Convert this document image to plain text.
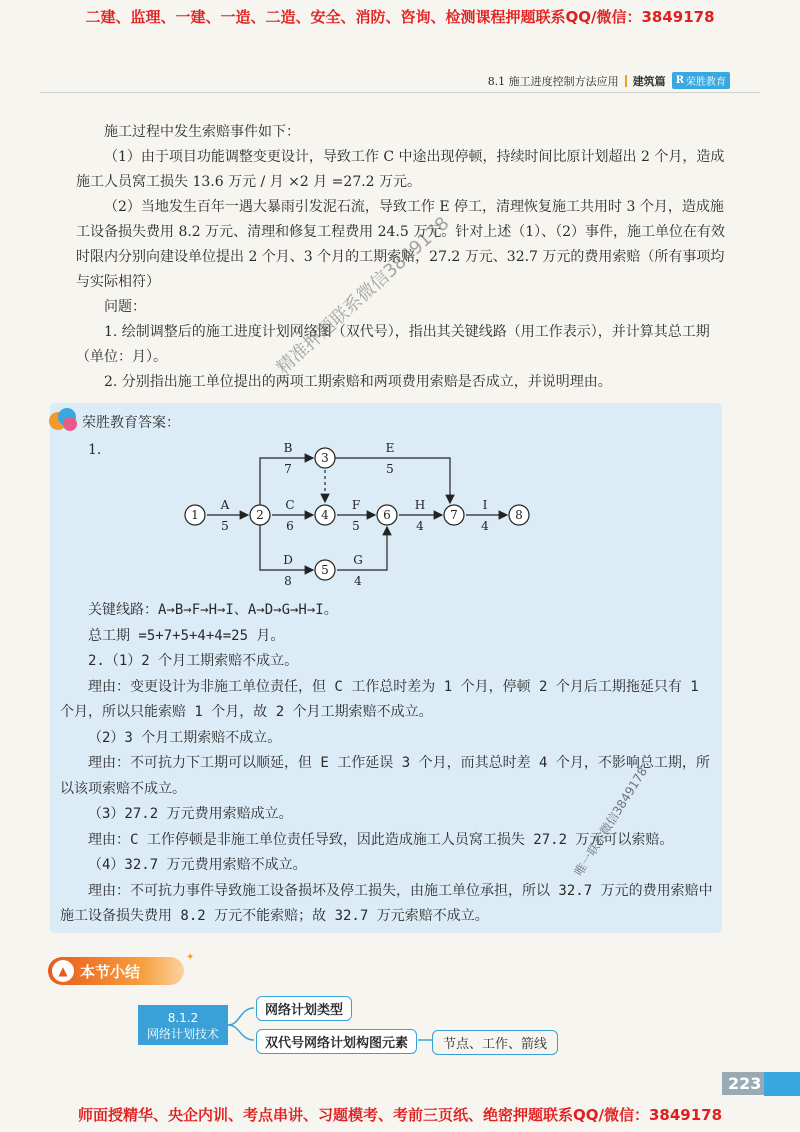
二建、监理、一建、一造、二造、安全、消防、咨询、检测课程押题联系QQ/微信：3849178
8.1 施工进度控制方法应用 建筑篇 R 荣胜教育

施工过程中发生索赔事件如下：

（1）由于项目功能调整变更设计，导致工作 C 中途出现停顿，持续时间比原计划超出 2 个月，造成施工人员窝工损失 13.6 万元 / 月 ×2 月 =27.2 万元。

（2）当地发生百年一遇大暴雨引发泥石流，导致工作 E 停工，清理恢复施工共用时 3 个月，造成施工设备损失费用 8.2 万元、清理和修复工程费用 24.5 万元。针对上述（1）、（2）事件，施工单位在有效时限内分别向建设单位提出 2 个月、3 个月的工期索赔，27.2 万元、32.7 万元的费用索赔（所有事项均与实际相符）

问题：

1. 绘制调整后的施工进度计划网络图（双代号），指出其关键线路（用工作表示），并计算其总工期（单位：月）。

2. 分别指出施工单位提出的两项工期索赔和两项费用索赔是否成立，并说明理由。

荣胜教育答案：
1.
1	2
3
4
5
6	7	8
A
5
B
7
C
6
D
8
E
5
F
5
G
4
H
4
I
4

关键线路：A→B→F→H→I、A→D→G→H→I。

总工期 =5+7+5+4+4=25 月。

2.（1）2 个月工期索赔不成立。

理由：变更设计为非施工单位责任，但 C 工作总时差为 1 个月，停顿 2 个月后工期拖延只有 1 个月，所以只能索赔 1 个月，故 2 个月工期索赔不成立。

（2）3 个月工期索赔不成立。

理由：不可抗力下工期可以顺延，但 E 工作延误 3 个月，而其总时差 4 个月，不影响总工期，所以该项索赔不成立。

（3）27.2 万元费用索赔成立。

理由：C 工作停顿是非施工单位责任导致，因此造成施工人员窝工损失 27.2 万元可以索赔。

（4）32.7 万元费用索赔不成立。

理由：不可抗力事件导致施工设备损坏及停工损失，由施工单位承担，所以 32.7 万元的费用索赔中施工设备损失费用 8.2 万元不能索赔；故 32.7 万元索赔不成立。

▲ 本节小结
✦
8.1.2
网络计划技术
网络计划类型
双代号网络计划构图元素	节点、工作、箭线
223
精准押题联系微信3849178
唯一联系微信3849178
师面授精华、央企内训、考点串讲、习题模考、考前三页纸、绝密押题联系QQ/微信：3849178
